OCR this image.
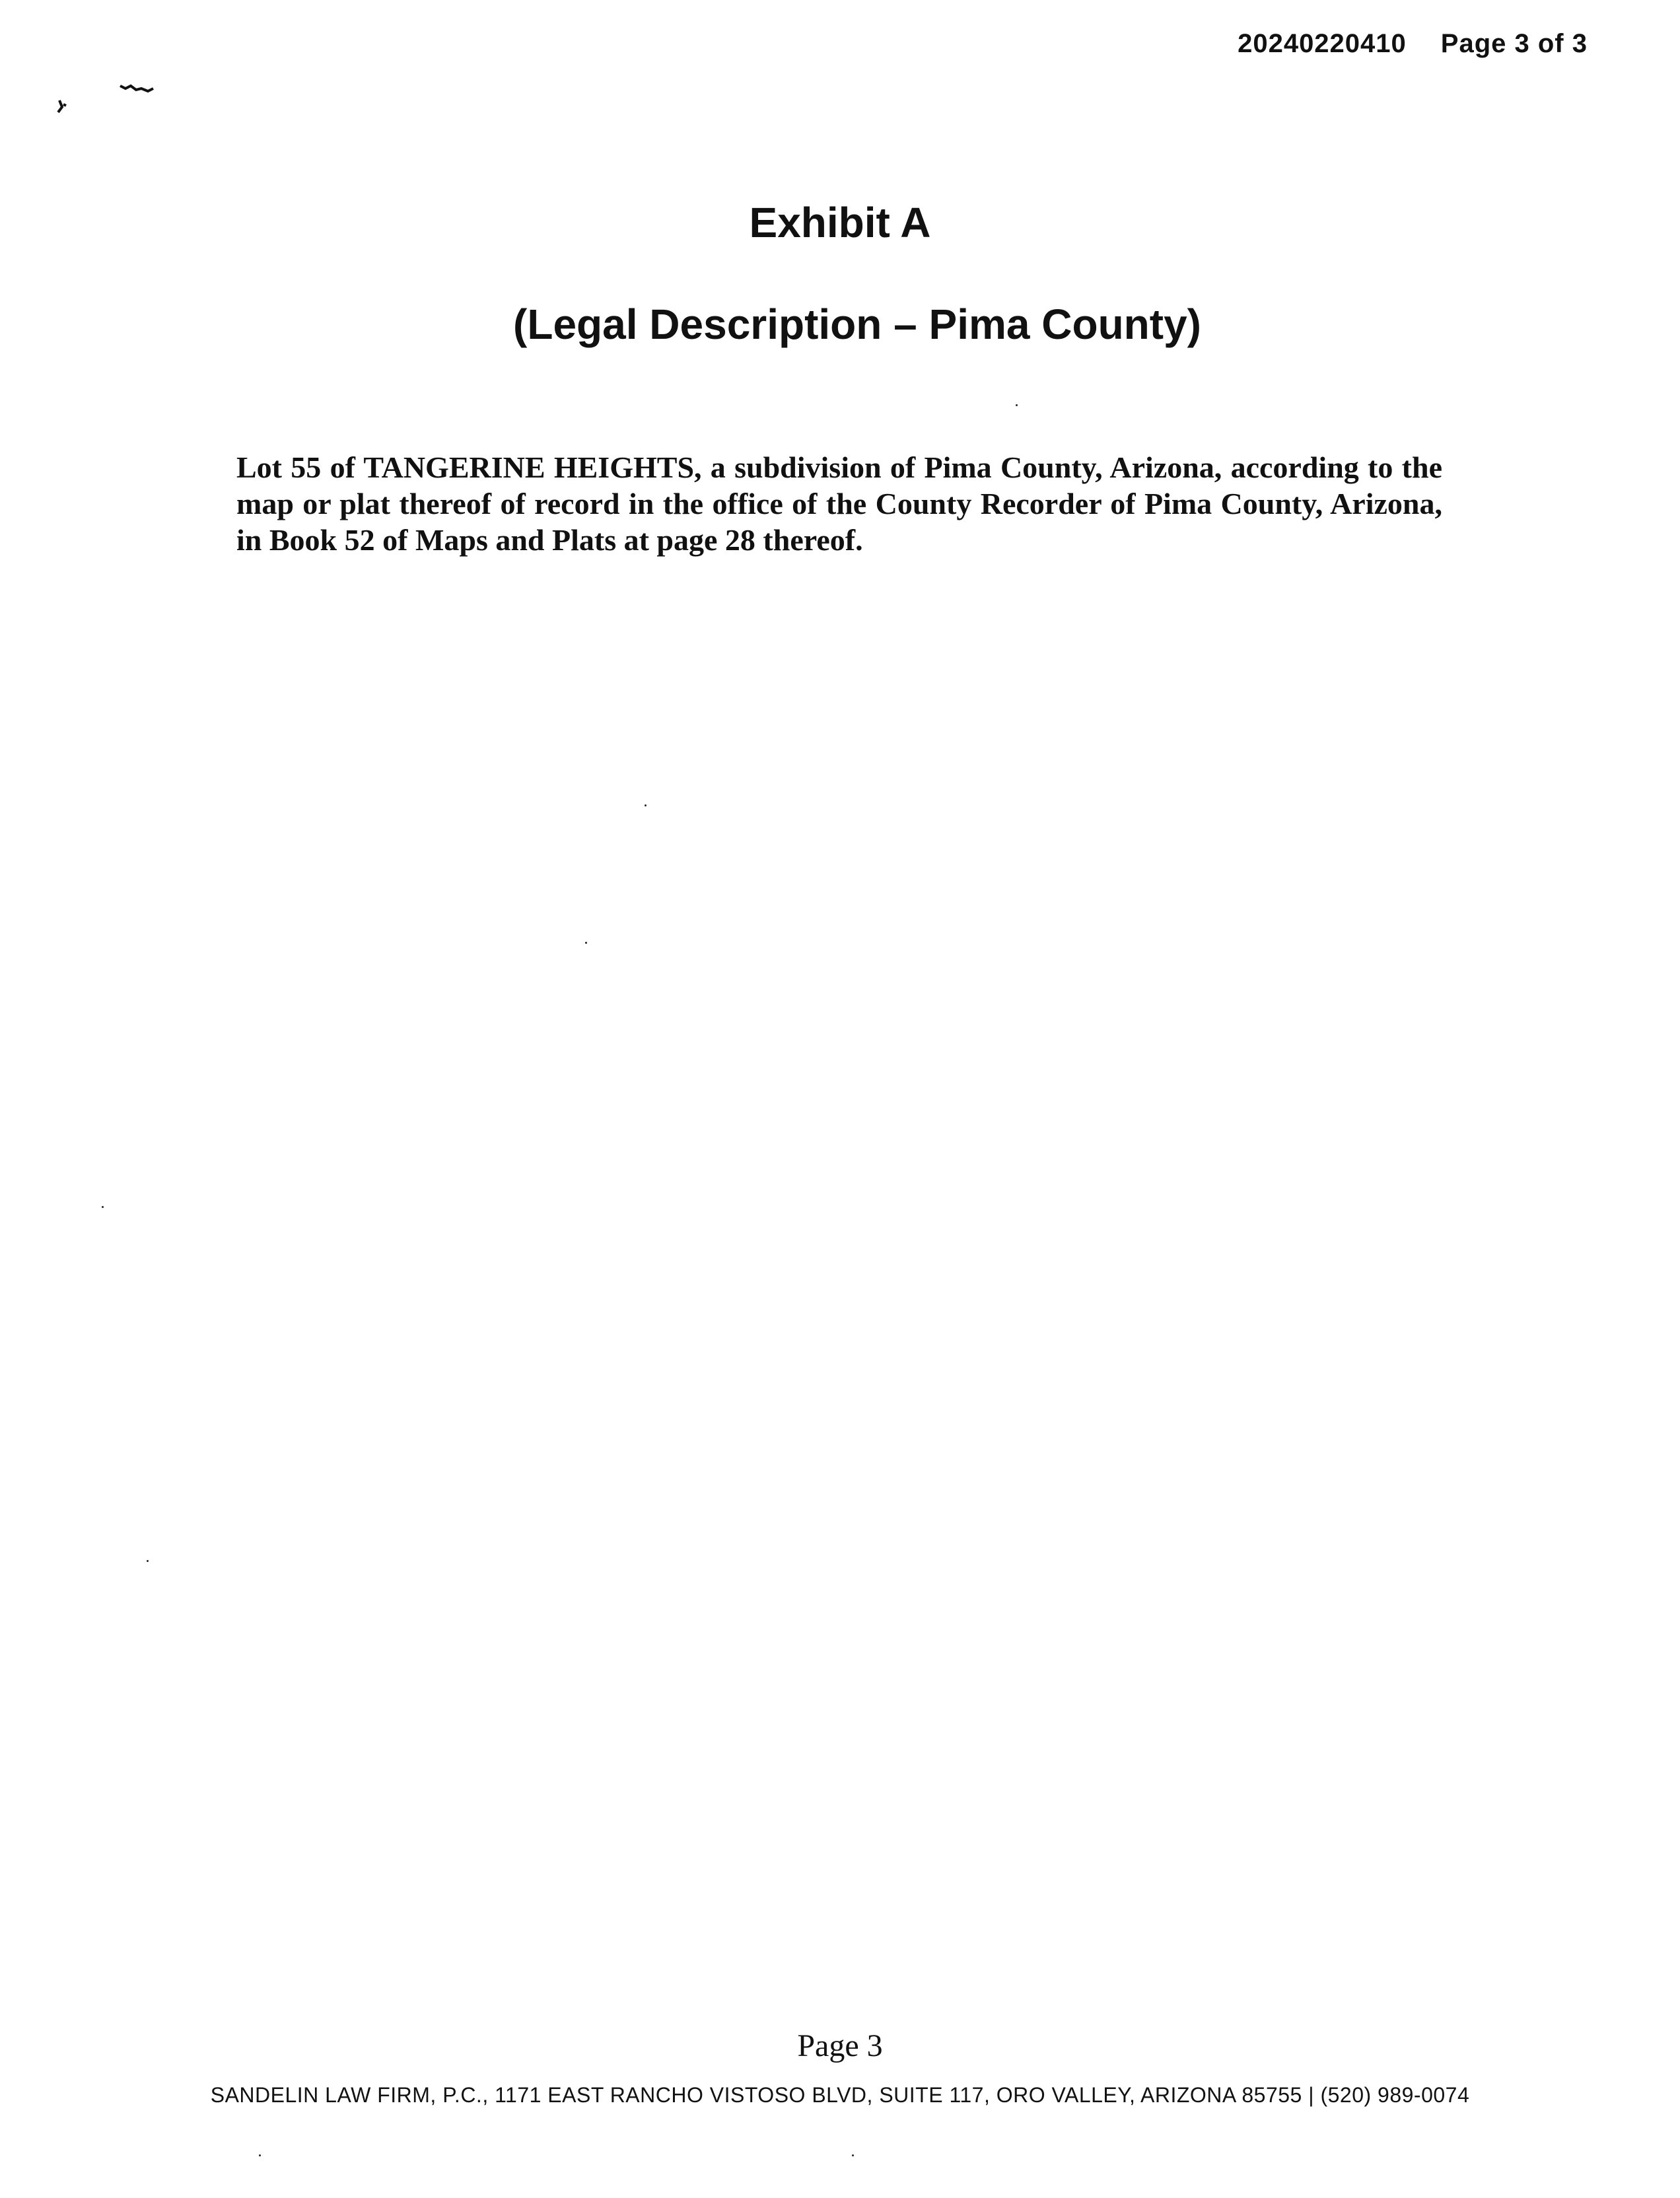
20240220410 Page 3 of 3
Exhibit A
(Legal Description – Pima County)

Lot 55 of TANGERINE HEIGHTS, a subdivision of Pima County, Arizona, according to the map or plat thereof of record in the office of the County Recorder of Pima County, Arizona, in Book 52 of Maps and Plats at page 28 thereof.

Page 3

SANDELIN LAW FIRM, P.C., 1171 EAST RANCHO VISTOSO BLVD, SUITE 117, ORO VALLEY, ARIZONA 85755 | (520) 989-0074
